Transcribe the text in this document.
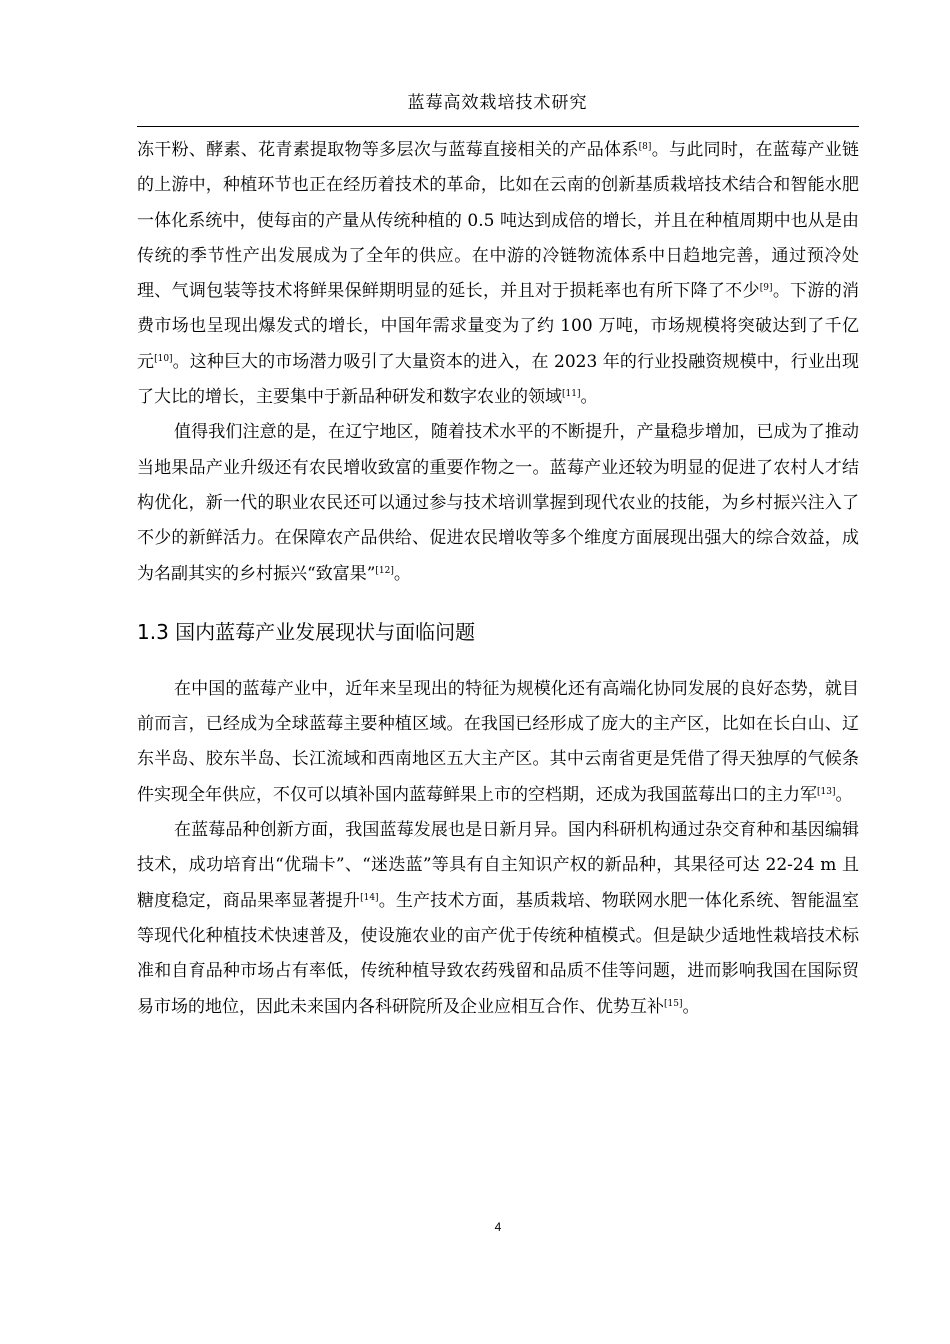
蓝莓高效栽培技术研究

冻干粉、酵素、花青素提取物等多层次与蓝莓直接相关的产品体系[8]。与此同时，在蓝莓产业链的上游中，种植环节也正在经历着技术的革命，比如在云南的创新基质栽培技术结合和智能水肥一体化系统中，使每亩的产量从传统种植的 0.5 吨达到成倍的增长，并且在种植周期中也从是由传统的季节性产出发展成为了全年的供应。在中游的冷链物流体系中日趋地完善，通过预冷处理、气调包装等技术将鲜果保鲜期明显的延长，并且对于损耗率也有所下降了不少[9]。下游的消费市场也呈现出爆发式的增长，中国年需求量变为了约 100 万吨，市场规模将突破达到了千亿元[10]。这种巨大的市场潜力吸引了大量资本的进入，在 2023 年的行业投融资规模中，行业出现了大比的增长，主要集中于新品种研发和数字农业的领域[11]。

值得我们注意的是，在辽宁地区，随着技术水平的不断提升，产量稳步增加，已成为了推动当地果品产业升级还有农民增收致富的重要作物之一。蓝莓产业还较为明显的促进了农村人才结构优化，新一代的职业农民还可以通过参与技术培训掌握到现代农业的技能，为乡村振兴注入了不少的新鲜活力。在保障农产品供给、促进农民增收等多个维度方面展现出强大的综合效益，成为名副其实的乡村振兴“致富果”[12]。

1.3 国内蓝莓产业发展现状与面临问题

在中国的蓝莓产业中，近年来呈现出的特征为规模化还有高端化协同发展的良好态势，就目前而言，已经成为全球蓝莓主要种植区域。在我国已经形成了庞大的主产区，比如在长白山、辽东半岛、胶东半岛、长江流域和西南地区五大主产区。其中云南省更是凭借了得天独厚的气候条件实现全年供应，不仅可以填补国内蓝莓鲜果上市的空档期，还成为我国蓝莓出口的主力军[13]。

在蓝莓品种创新方面，我国蓝莓发展也是日新月异。国内科研机构通过杂交育种和基因编辑技术，成功培育出“优瑞卡”、“迷迭蓝”等具有自主知识产权的新品种，其果径可达 22-24 m 且糖度稳定，商品果率显著提升[14]。生产技术方面，基质栽培、物联网水肥一体化系统、智能温室等现代化种植技术快速普及，使设施农业的亩产优于传统种植模式。但是缺少适地性栽培技术标准和自育品种市场占有率低，传统种植导致农药残留和品质不佳等问题，进而影响我国在国际贸易市场的地位，因此未来国内各科研院所及企业应相互合作、优势互补[15]。

4
